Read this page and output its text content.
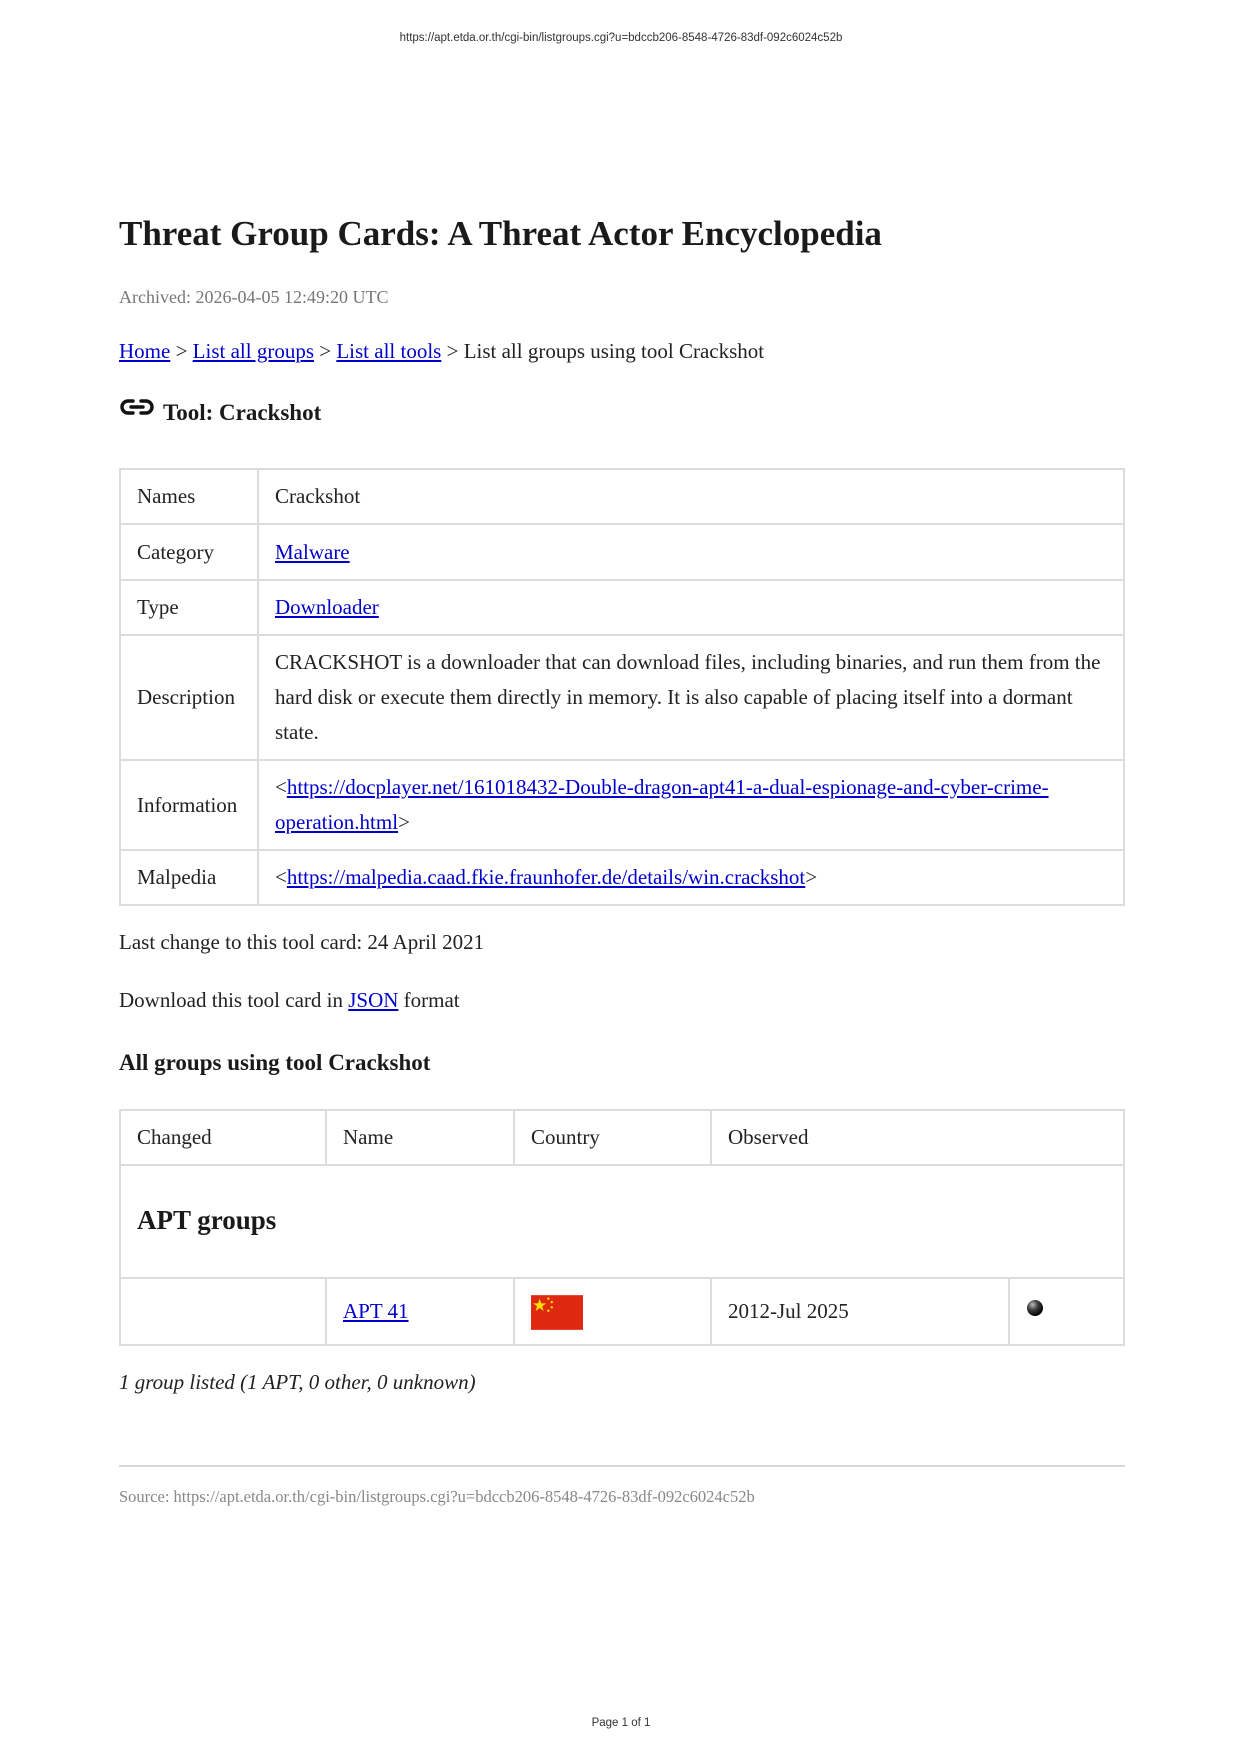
https://apt.etda.or.th/cgi-bin/listgroups.cgi?u=bdccb206-8548-4726-83df-092c6024c52b
Threat Group Cards: A Threat Actor Encyclopedia
Archived: 2026-04-05 12:49:20 UTC
Home > List all groups > List all tools > List all groups using tool Crackshot
Tool: Crackshot
Names	Crackshot
Category	Malware
Type	Downloader
Description	CRACKSHOT is a downloader that can download files, including binaries, and run them from the hard disk or execute them directly in memory. It is also capable of placing itself into a dormant state.
Information	<https://docplayer.net/161018432-Double-dragon-apt41-a-dual-espionage-and-cyber-crime-operation.html>
Malpedia	<https://malpedia.caad.fkie.fraunhofer.de/details/win.crackshot>
Last change to this tool card: 24 April 2021
Download this tool card in JSON format
All groups using tool Crackshot
Changed	Name	Country	Observed	
APT groups				
	APT 41		2012-Jul 2025	
1 group listed (1 APT, 0 other, 0 unknown)
Source: https://apt.etda.or.th/cgi-bin/listgroups.cgi?u=bdccb206-8548-4726-83df-092c6024c52b
Page 1 of 1
